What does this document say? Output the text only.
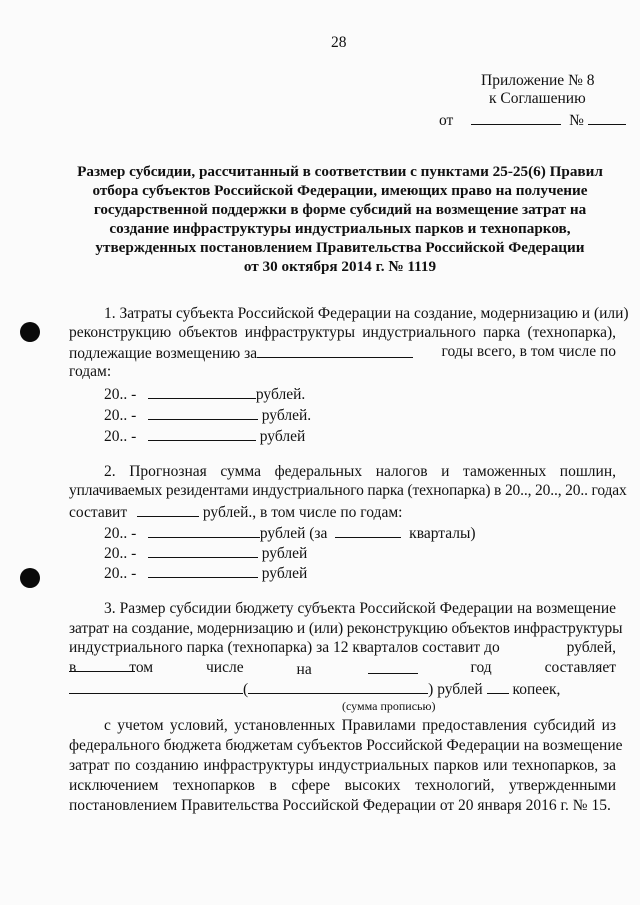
28
Приложение № 8
к Соглашению
от	№
Размер субсидии, рассчитанный в соответствии с пунктами 25-25(6) Правил
отбора субъектов Российской Федерации, имеющих право на получение
государственной поддержки в форме субсидий на возмещение затрат на
создание инфраструктуры индустриальных парков и технопарков,
утвержденных постановлением Правительства Российской Федерации
от 30 октября 2014 г. № 1119
1. Затраты субъекта Российской Федерации на создание, модернизацию и (или)
реконструкцию объектов инфраструктуры индустриального парка (технопарка),
подлежащие возмещению за	годы всего, в том числе по
годам:
20.. -	рублей.
20.. -	рублей.
20.. -	рублей
2. Прогнозная сумма федеральных налогов и таможенных пошлин,
уплачиваемых резидентами индустриального парка (технопарка) в 20.., 20.., 20.. годах
составит	рублей., в том числе по годам:
20.. -	рублей (за	кварталы)
20.. -	рублей
20.. -	рублей
3. Размер субсидии бюджету субъекта Российской Федерации на возмещение
затрат на создание, модернизацию и (или) реконструкцию объектов инфраструктуры
индустриального парка (технопарка) за 12 кварталов составит до	рублей,
в	том	числе	на	год	составляет
(	) рублей копеек,
(сумма прописью)
с учетом условий, установленных Правилами предоставления субсидий из
федерального бюджета бюджетам субъектов Российской Федерации на возмещение
затрат по созданию инфраструктуры индустриальных парков или технопарков, за
исключением технопарков в сфере высоких технологий, утвержденными
постановлением Правительства Российской Федерации от 20 января 2016 г. № 15.
